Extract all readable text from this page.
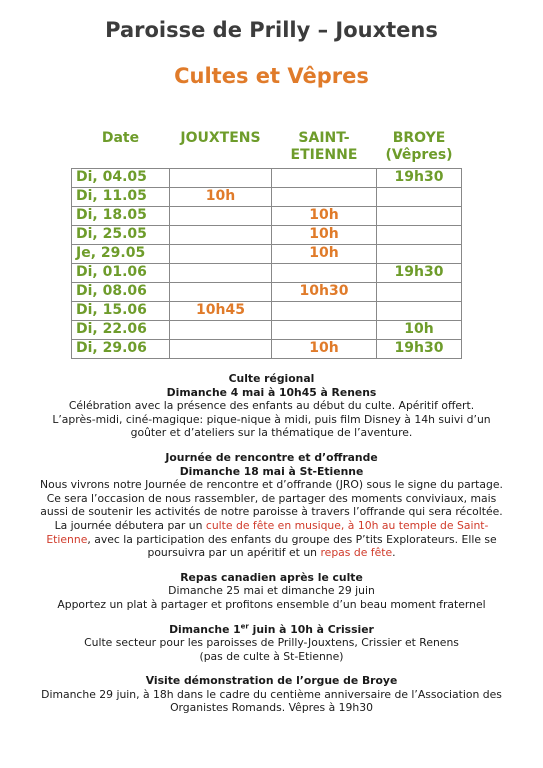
Paroisse de Prilly – Jouxtens
Cultes et Vêpres
Date	JOUXTENS	SAINT-
ETIENNE	BROYE
(Vêpres)
Di, 04.05			19h30
Di, 11.05	10h		
Di, 18.05		10h	
Di, 25.05		10h	
Je, 29.05		10h	
Di, 01.06			19h30
Di, 08.06		10h30	
Di, 15.06	10h45		
Di, 22.06			10h
Di, 29.06		10h	19h30
Culte régional
Dimanche 4 mai à 10h45 à Renens
Célébration avec la présence des enfants au début du culte. Apéritif offert.
L’après-midi, ciné-magique: pique-nique à midi, puis film Disney à 14h suivi d’un
goûter et d’ateliers sur la thématique de l’aventure.
Journée de rencontre et d’offrande
Dimanche 18 mai à St-Etienne
Nous vivrons notre Journée de rencontre et d’offrande (JRO) sous le signe du partage.
Ce sera l’occasion de nous rassembler, de partager des moments conviviaux, mais
aussi de soutenir les activités de notre paroisse à travers l’offrande qui sera récoltée.
La journée débutera par un culte de fête en musique, à 10h au temple de Saint-
Etienne, avec la participation des enfants du groupe des P’tits Explorateurs. Elle se
poursuivra par un apéritif et un repas de fête.
Repas canadien après le culte
Dimanche 25 mai et dimanche 29 juin
Apportez un plat à partager et profitons ensemble d’un beau moment fraternel
Dimanche 1er juin à 10h à Crissier
Culte secteur pour les paroisses de Prilly-Jouxtens, Crissier et Renens
(pas de culte à St-Etienne)
Visite démonstration de l’orgue de Broye
Dimanche 29 juin, à 18h dans le cadre du centième anniversaire de l’Association des
Organistes Romands. Vêpres à 19h30
